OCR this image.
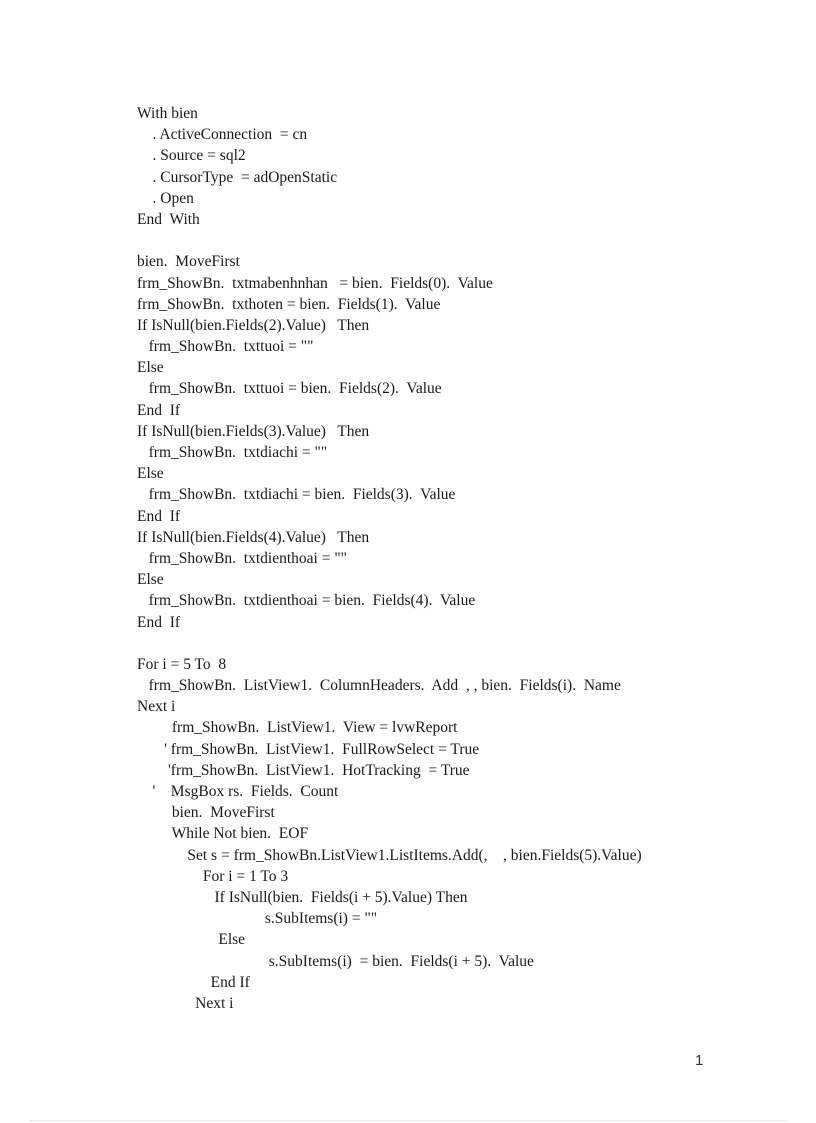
With bien
. ActiveConnection  = cn
. Source = sql2
. CursorType  = adOpenStatic
. Open
End  With
bien.  MoveFirst
frm_ShowBn.  txtmabenhnhan   = bien.  Fields(0).  Value
frm_ShowBn.  txthoten = bien.  Fields(1).  Value
If IsNull(bien.Fields(2).Value)   Then
frm_ShowBn.  txttuoi = ""
Else
frm_ShowBn.  txttuoi = bien.  Fields(2).  Value
End  If
If IsNull(bien.Fields(3).Value)   Then
frm_ShowBn.  txtdiachi = ""
Else
frm_ShowBn.  txtdiachi = bien.  Fields(3).  Value
End  If
If IsNull(bien.Fields(4).Value)   Then
frm_ShowBn.  txtdienthoai = ""
Else
frm_ShowBn.  txtdienthoai = bien.  Fields(4).  Value
End  If
For i = 5 To  8
frm_ShowBn.  ListView1.  ColumnHeaders.  Add  , , bien.  Fields(i).  Name
Next i
frm_ShowBn.  ListView1.  View = lvwReport
' frm_ShowBn.  ListView1.  FullRowSelect = True
'frm_ShowBn.  ListView1.  HotTracking  = True
'    MsgBox rs.  Fields.  Count
bien.  MoveFirst
While Not bien.  EOF
Set s = frm_ShowBn.ListView1.ListItems.Add(,    , bien.Fields(5).Value)
For i = 1 To 3
If IsNull(bien.  Fields(i + 5).Value) Then
s.SubItems(i) = ""
Else
s.SubItems(i)  = bien.  Fields(i + 5).  Value
End If
Next i
1
